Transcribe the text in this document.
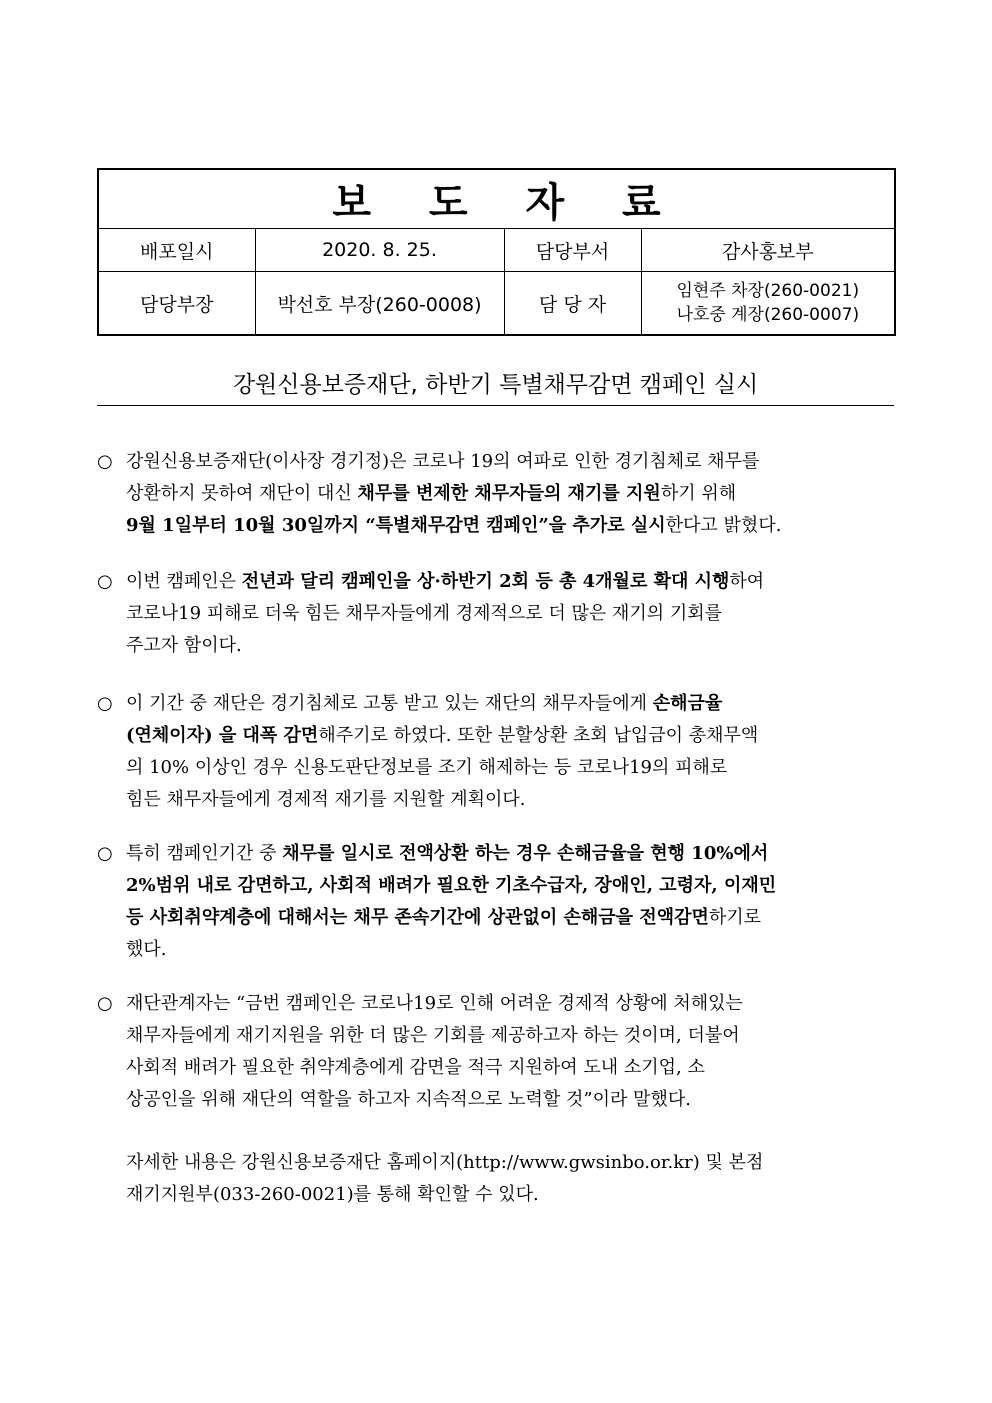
보 도 자 료			
배포일시	2020. 8. 25.	담당부서	감사홍보부
담당부장	박선호 부장(260-0008)	담 당 자	임현주 차장(260-0021)
나호중 계장(260-0007)
강원신용보증재단, 하반기 특별채무감면 캠페인 실시
○ 강원신용보증재단(이사장 경기정)은 코로나 19의 여파로 인한 경기침체로 채무를
상환하지 못하여 재단이 대신 채무를 변제한 채무자들의 재기를 지원하기 위해
9월 1일부터 10월 30일까지 “특별채무감면 캠페인”을 추가로 실시한다고 밝혔다.
○ 이번 캠페인은 전년과 달리 캠페인을 상·하반기 2회 등 총 4개월로 확대 시행하여
코로나19 피해로 더욱 힘든 채무자들에게 경제적으로 더 많은 재기의 기회를
주고자 함이다.
○ 이 기간 중 재단은 경기침체로 고통 받고 있는 재단의 채무자들에게 손해금율
(연체이자) 을 대폭 감면해주기로 하였다. 또한 분할상환 초회 납입금이 총채무액
의 10% 이상인 경우 신용도판단정보를 조기 해제하는 등 코로나19의 피해로
힘든 채무자들에게 경제적 재기를 지원할 계획이다.
○ 특히 캠페인기간 중 채무를 일시로 전액상환 하는 경우 손해금율을 현행 10%에서
2%범위 내로 감면하고, 사회적 배려가 필요한 기초수급자, 장애인, 고령자, 이재민
등 사회취약계층에 대해서는 채무 존속기간에 상관없이 손해금을 전액감면하기로
했다.
○ 재단관계자는 “금번 캠페인은 코로나19로 인해 어려운 경제적 상황에 처해있는
채무자들에게 재기지원을 위한 더 많은 기회를 제공하고자 하는 것이며, 더불어
사회적 배려가 필요한 취약계층에게 감면을 적극 지원하여 도내 소기업, 소
상공인을 위해 재단의 역할을 하고자 지속적으로 노력할 것”이라 말했다.
자세한 내용은 강원신용보증재단 홈페이지(http://www.gwsinbo.or.kr) 및 본점
재기지원부(033-260-0021)를 통해 확인할 수 있다.
